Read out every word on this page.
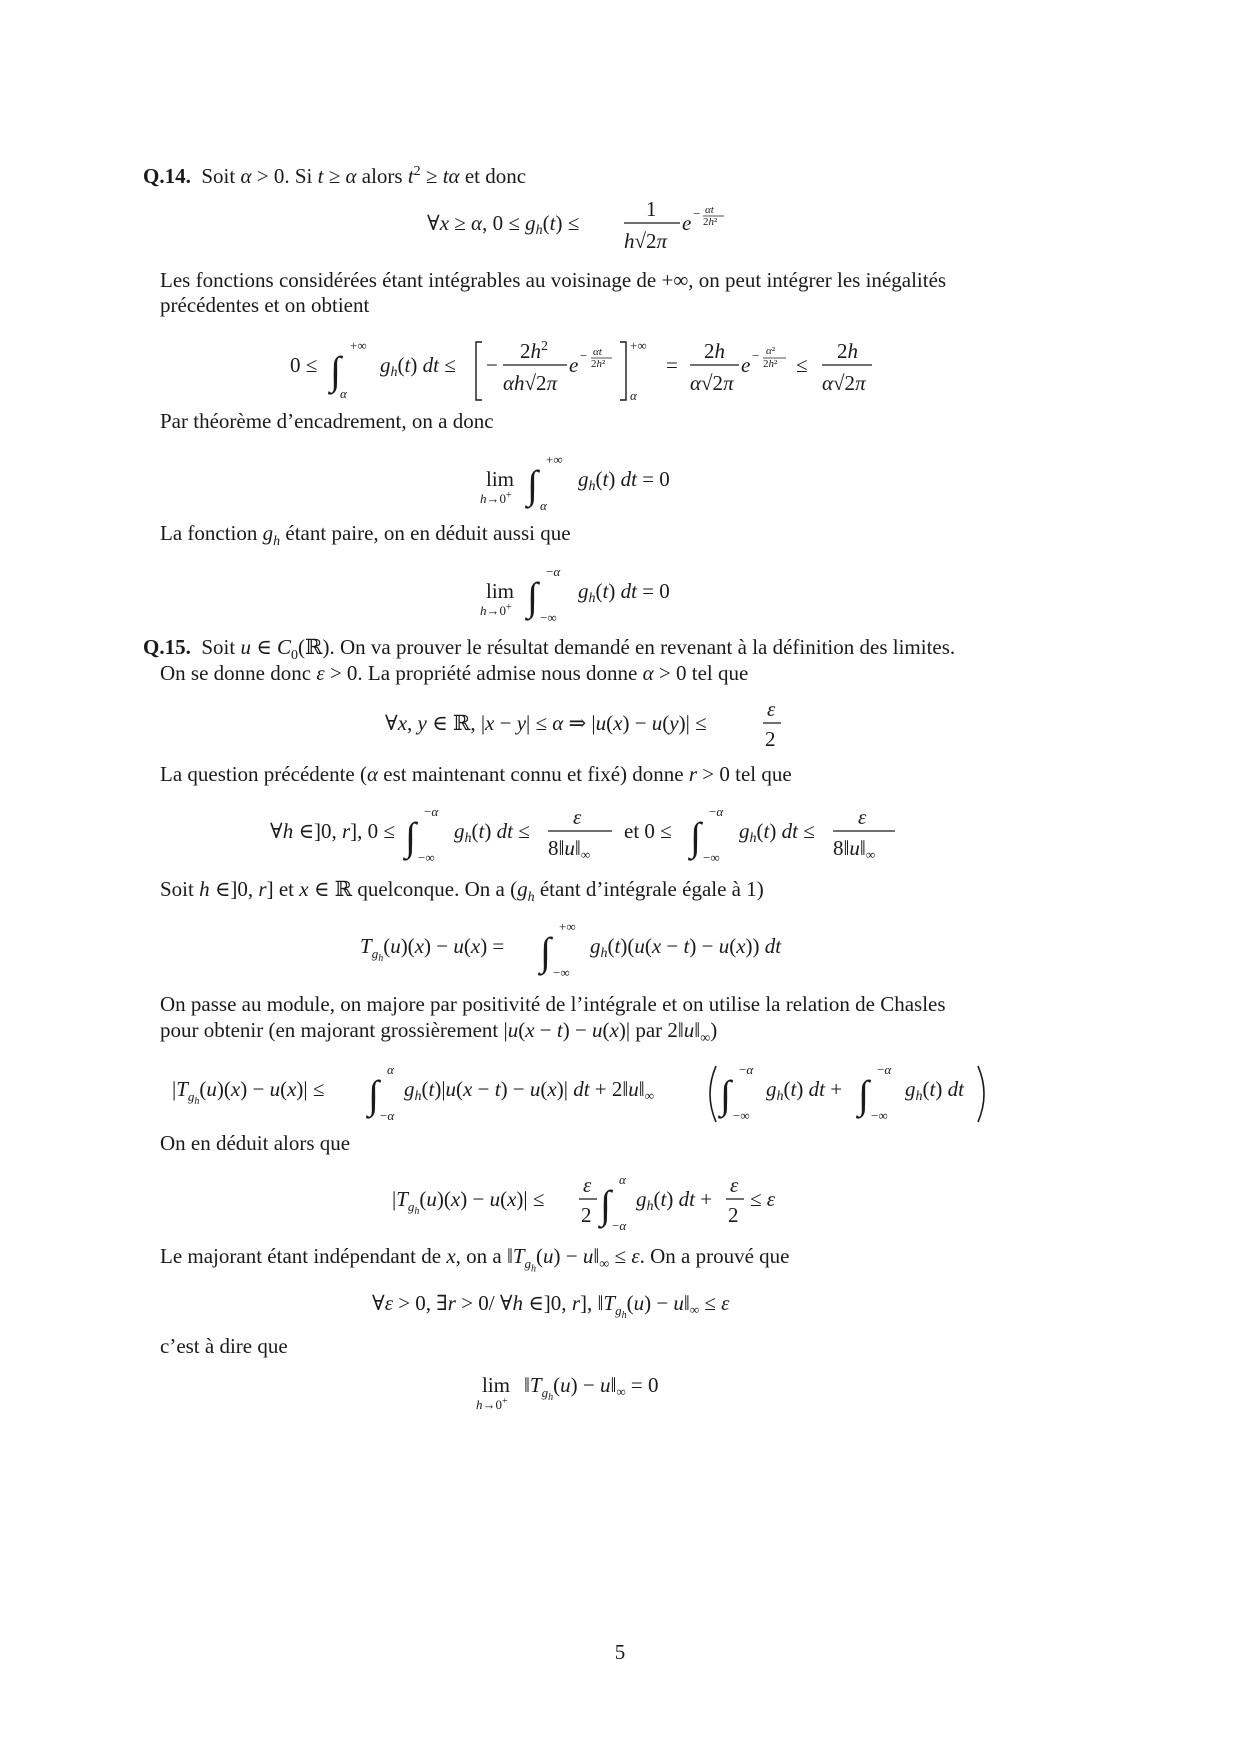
Q.14.  Soit α > 0. Si t ≥ α alors $t^2 \ge t\alpha$ et donc
∀x ≥ α, 0 ≤ gh(t) ≤
1
h√2π
e − αt
2h²
Les fonctions considérées étant intégrables au voisinage de +∞, on peut intégrer les inégalités
précédentes et on obtient
0 ≤ ∫
+∞
α
gh(t) dt ≤ −
$2h^2$
αh√2π
e − αt
2h²
+∞
α
=
2h
α√2π
e − α²
2h² ≤
2h
α√2π
Par théorème d’encadrement, on a donc
lim
h→0+ ∫
+∞
α
gh(t) dt = 0
La fonction $g_h$ étant paire, on en déduit aussi que
lim
h→0+ ∫
−α
−∞
gh(t) dt = 0
Q.15.  Soit u ∈ $C_0(ℝ)$. On va prouver le résultat demandé en revenant à la définition des limites.
On se donne donc ε > 0. La propriété admise nous donne α > 0 tel que
∀x, y ∈ ℝ, |x − y| ≤ α ⇒ |u(x) − u(y)| ≤
ε
2
La question précédente (α est maintenant connu et fixé) donne r > 0 tel que
∀h ∈]0, r], 0 ≤ ∫
−α
−∞
gh(t) dt ≤
ε
8‖u‖∞
et 0 ≤ ∫
−α
−∞
gh(t) dt ≤
ε
8‖u‖∞
Soit h ∈]0, r] et x ∈ ℝ quelconque. On a ($g_h$ étant d’intégrale égale à 1)
$T_gh(u)(x) - u(x)$ = ∫
+∞
−∞
gh(t)(u(x − t) − u(x)) dt
On passe au module, on majore par positivité de l’intégrale et on utilise la relation de Chasles
pour obtenir (en majorant grossièrement |u(x − t) − u(x)| par $2‖u‖_\infty$)
$|T_gh(u)(x) - u(x)|$ ≤ ∫
α
−α
gh(t)|u(x − t) − u(x)| dt + 2‖u‖∞ ∫
−α
−∞
gh(t) dt + ∫
−α
−∞
gh(t) dt
On en déduit alors que
$|T_gh(u)(x) - u(x)|$ ≤
ε
2 ∫
α
−α
gh(t) dt +
ε
2
≤ ε
Le majorant étant indépendant de x, on a $‖T_{g_h}(u)$ − $u‖_\infty \le \varepsilon$. On a prouvé que
∀ε > 0, ∃r > 0/ ∀h ∈]0, r], $‖T_gh(u)$ − u‖∞ ≤ ε
c’est à dire que
lim
h→0+
$‖T_gh(u)$ − u‖∞ = 0
5
